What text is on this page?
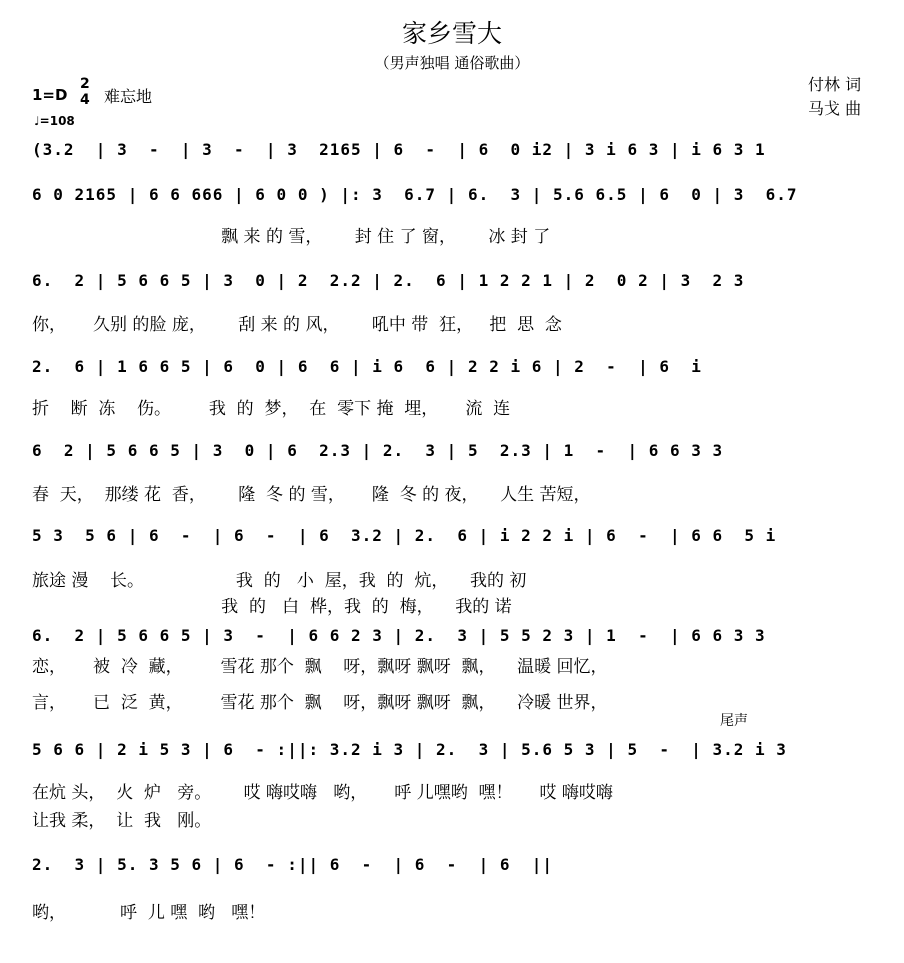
家乡雪大
（男声独唱 通俗歌曲）
1=D
2
4 难忘地
♩=108
付林 词
马戈 曲
尾声
(3.2  | 3  -  | 3  -  | 3  2165 | 6  -  | 6  0 i2 | 3 i 6 3 | i 6 3 1
6 0 2165 | 6 6 666 | 6 0 0 ) |: 3  6.7 | 6.  3 | 5.6 6.5 | 6  0 | 3  6.7
飘 来 的 雪，      封 住 了 窗，      冰 封 了
6.  2 | 5 6 6 5 | 3  0 | 2  2.2 | 2.  6 | 1 2 2 1 | 2  0 2 | 3  2 3
你，     久别 的脸 庞，      刮 来 的 风，      吼中 带  狂，   把  思  念
2.  6 | 1 6 6 5 | 6  0 | 6  6 | i 6  6 | 2 2 i 6 | 2  -  | 6  i
折    断  冻    伤。       我  的  梦，  在  零下 掩  埋，     流  连
6  2 | 5 6 6 5 | 3  0 | 6  2.3 | 2.  3 | 5  2.3 | 1  -  | 6 6 3 3
春  天，  那缕 花  香，      隆  冬 的 雪，     隆  冬 的 夜，    人生 苦短，
5 3  5 6 | 6  -  | 6  -  | 6  3.2 | 2.  6 | i 2 2 i | 6  -  | 6 6  5 i
旅途 漫    长。                 我  的   小  屋，我  的  炕，    我的 初
我  的   白  桦，我  的  梅，    我的 诺
6.  2 | 5 6 6 5 | 3  -  | 6 6 2 3 | 2.  3 | 5 5 2 3 | 1  -  | 6 6 3 3
恋，     被  冷  藏，       雪花 那个  飘    呀，飘呀 飘呀  飘，    温暖 回忆，
言，     已  泛  黄，       雪花 那个  飘    呀，飘呀 飘呀  飘，    冷暖 世界，
5 6 6 | 2 i 5 3 | 6  - :||: 3.2 i 3 | 2.  3 | 5.6 5 3 | 5  -  | 3.2 i 3
在炕 头，  火  炉   旁。      哎 嗨哎嗨   哟，     呼 儿嘿哟  嘿！     哎 嗨哎嗨
让我 柔，  让  我   刚。
2.  3 | 5. 3 5 6 | 6  - :|| 6  -  | 6  -  | 6  ||
哟，          呼  儿 嘿  哟   嘿！
